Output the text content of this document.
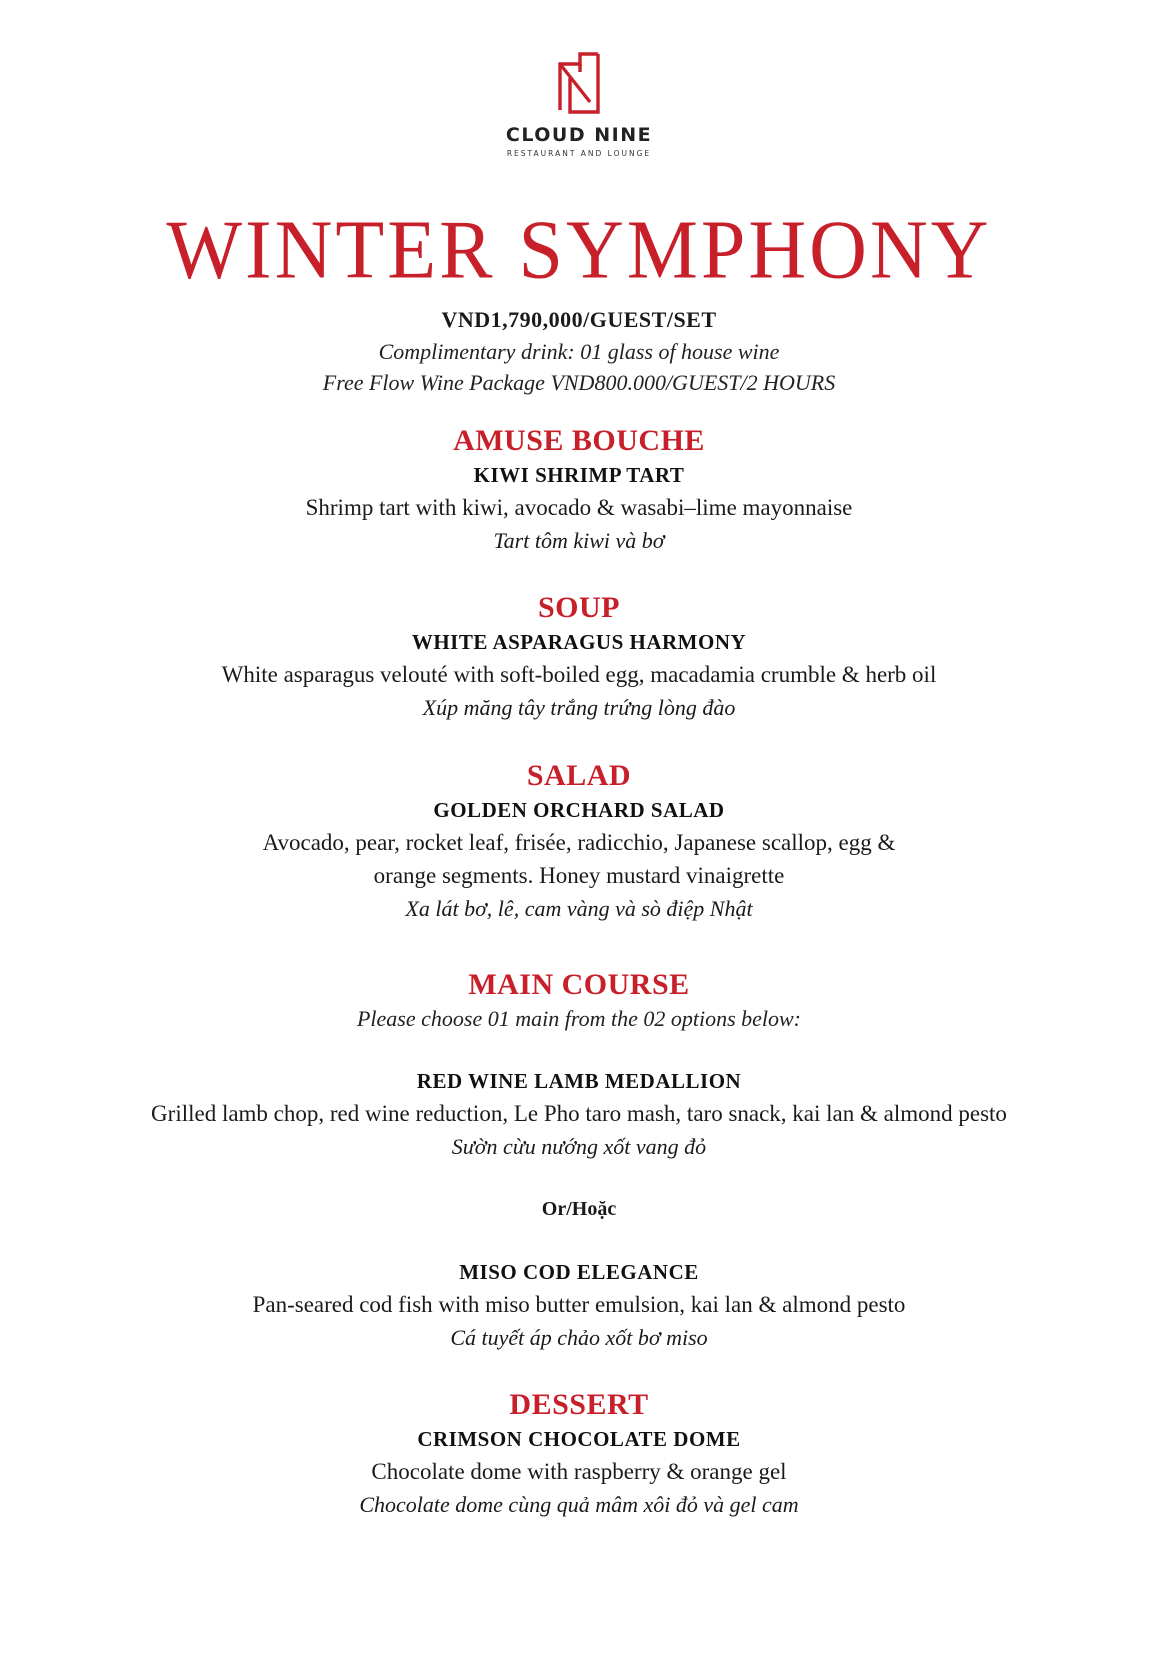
CLOUD NINE
RESTAURANT AND LOUNGE
WINTER SYMPHONY
VND1,790,000/GUEST/SET
Complimentary drink: 01 glass of house wine
Free Flow Wine Package VND800.000/GUEST/2 HOURS
AMUSE BOUCHE
KIWI SHRIMP TART
Shrimp tart with kiwi, avocado & wasabi–lime mayonnaise
Tart tôm kiwi và bơ
SOUP
WHITE ASPARAGUS HARMONY
White asparagus velouté with soft-boiled egg, macadamia crumble & herb oil
Xúp măng tây trắng trứng lòng đào
SALAD
GOLDEN ORCHARD SALAD
Avocado, pear, rocket leaf, frisée, radicchio, Japanese scallop, egg &
orange segments. Honey mustard vinaigrette
Xa lát bơ, lê, cam vàng và sò điệp Nhật
MAIN COURSE
Please choose 01 main from the 02 options below:
RED WINE LAMB MEDALLION
Grilled lamb chop, red wine reduction, Le Pho taro mash, taro snack, kai lan & almond pesto
Sườn cừu nướng xốt vang đỏ
Or/Hoặc
MISO COD ELEGANCE
Pan-seared cod fish with miso butter emulsion, kai lan & almond pesto
Cá tuyết áp chảo xốt bơ miso
DESSERT
CRIMSON CHOCOLATE DOME
Chocolate dome with raspberry & orange gel
Chocolate dome cùng quả mâm xôi đỏ và gel cam
